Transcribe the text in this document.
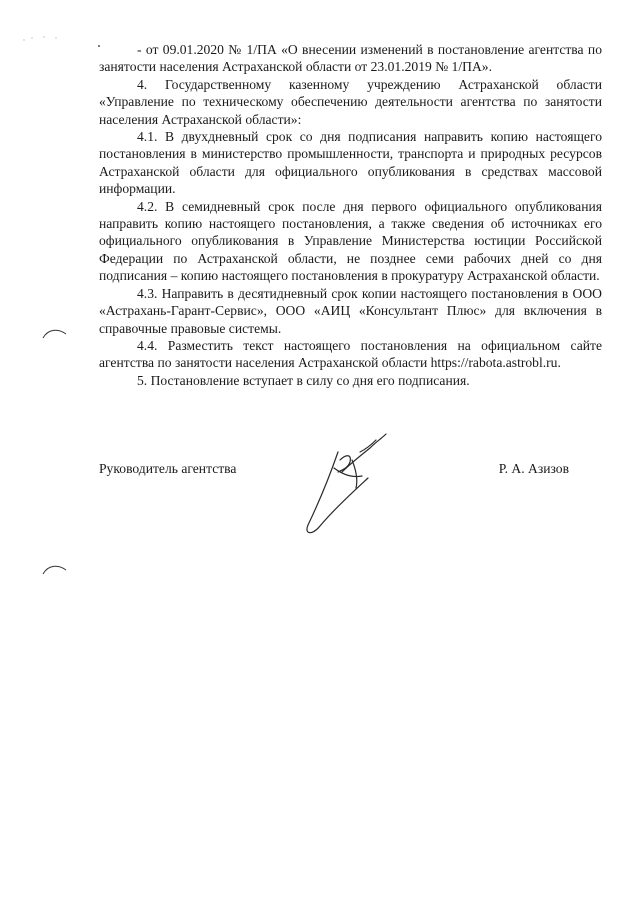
- от 09.01.2020 № 1/ПА «О внесении изменений в постановление агентства по занятости населения Астраханской области от 23.01.2019 № 1/ПА».

4. Государственному казенному учреждению Астраханской области «Управление по техническому обеспечению деятельности агентства по занятости населения Астраханской области»:

4.1. В двухдневный срок со дня подписания направить копию настоящего постановления в министерство промышленности, транспорта и природных ресурсов Астраханской области для официального опубликования в средствах массовой информации.

4.2. В семидневный срок после дня первого официального опубликования направить копию настоящего постановления, а также сведения об источниках его официального опубликования в Управление Министерства юстиции Российской Федерации по Астраханской области, не позднее семи рабочих дней со дня подписания – копию настоящего постановления в прокуратуру Астраханской области.

4.3. Направить в десятидневный срок копии настоящего постановления в ООО «Астрахань-Гарант-Сервис», ООО «АИЦ «Консультант Плюс» для включения в справочные правовые системы.

4.4. Разместить текст настоящего постановления на официальном сайте агентства по занятости населения Астраханской области https://rabota.astrobl.ru.

5. Постановление вступает в силу со дня его подписания.

Руководитель агентства	Р. А. Азизов
